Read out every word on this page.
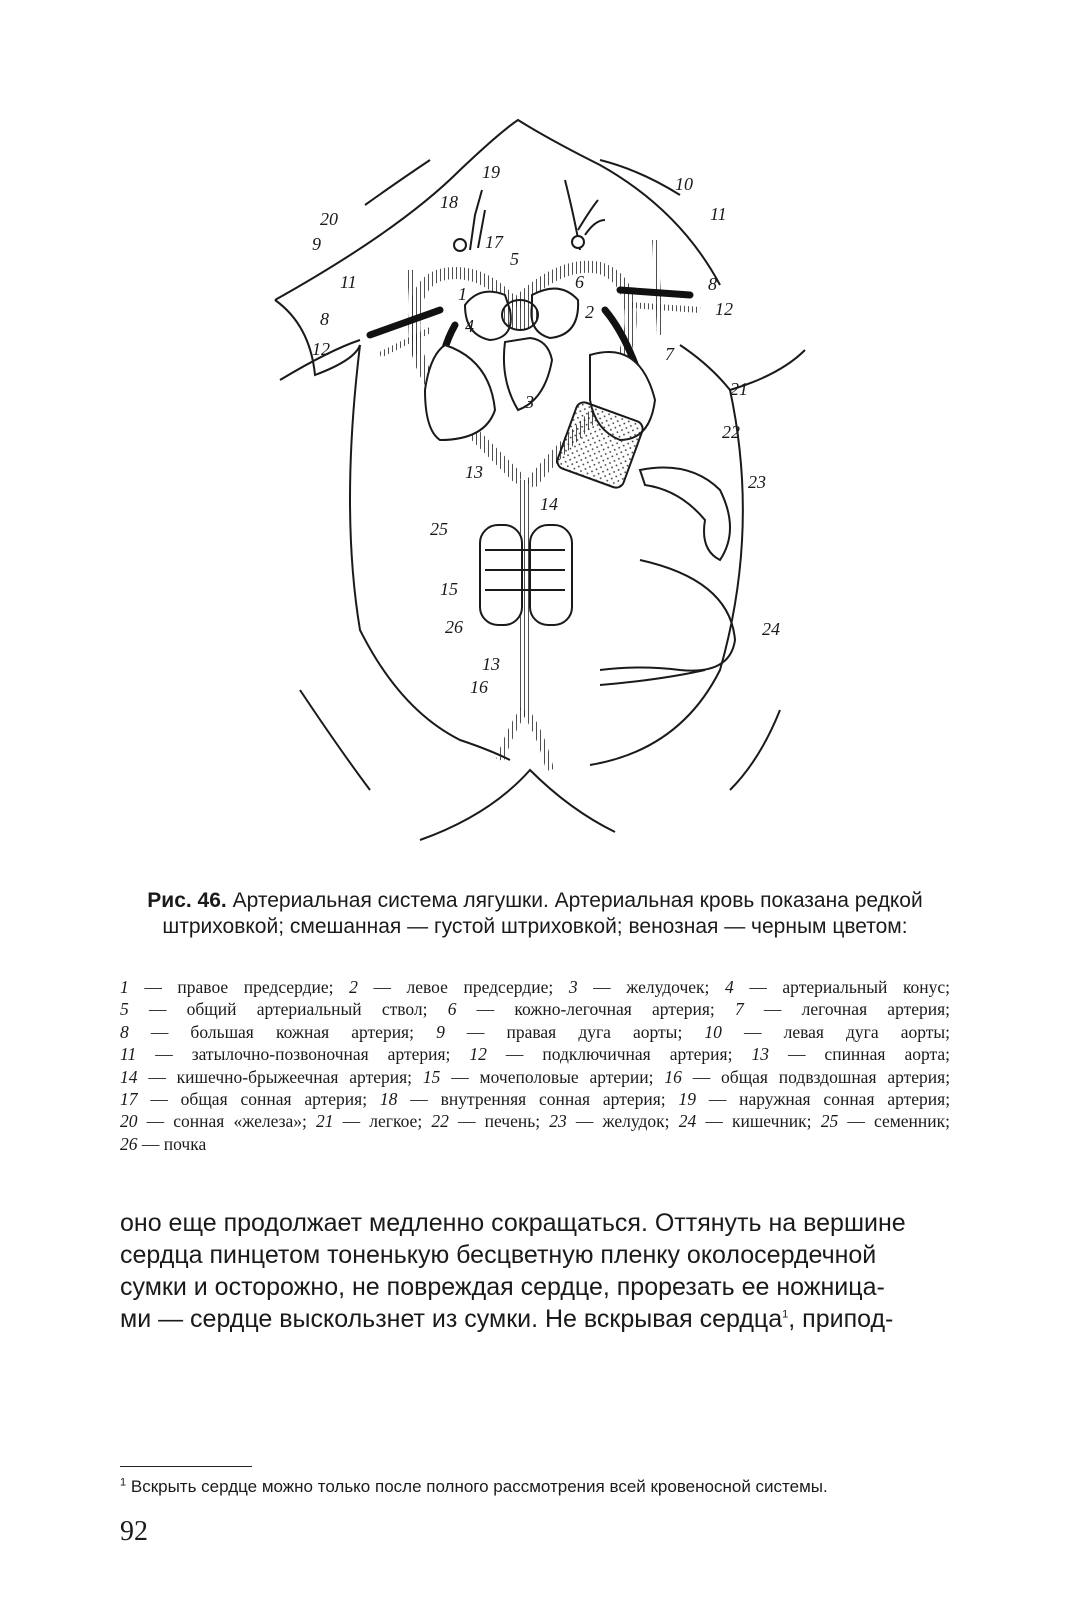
19
18
20
9
11
8
12
1
4
5
17
10
11
6	8
12
2
7
3
21
22
13
14
23
25
15
26	24
13
16
Рис. 46. Артериальная система лягушки. Артериальная кровь показана редкой штриховкой; смешанная — густой штриховкой; венозная — черным цветом:
1 — правое предсердие; 2 — левое предсердие; 3 — желудочек; 4 — артериальный конус; 5 — общий артериальный ствол; 6 — кожно-легочная артерия; 7 — легочная артерия; 8 — большая кожная артерия; 9 — правая дуга аорты; 10 — левая дуга аорты; 11 — затылочно-позвоночная артерия; 12 — подключичная артерия; 13 — спинная аорта; 14 — кишечно-брыжеечная артерия; 15 — мочеполовые артерии; 16 — общая подвздошная артерия; 17 — общая сонная артерия; 18 — внутренняя сонная артерия; 19 — наружная сонная артерия; 20 — сонная «железа»; 21 — легкое; 22 — печень; 23 — желудок; 24 — кишечник; 25 — семенник; 26 — почка
оно еще продолжает медленно сокращаться. Оттянуть на вершине
сердца пинцетом тоненькую бесцветную пленку околосердечной
сумки и осторожно, не повреждая сердце, прорезать ее ножница-
ми — сердце выскользнет из сумки. Не вскрывая сердца$^1$, припод-
$^1$ Вскрыть сердце можно только после полного рассмотрения всей кровеносной системы.
92
